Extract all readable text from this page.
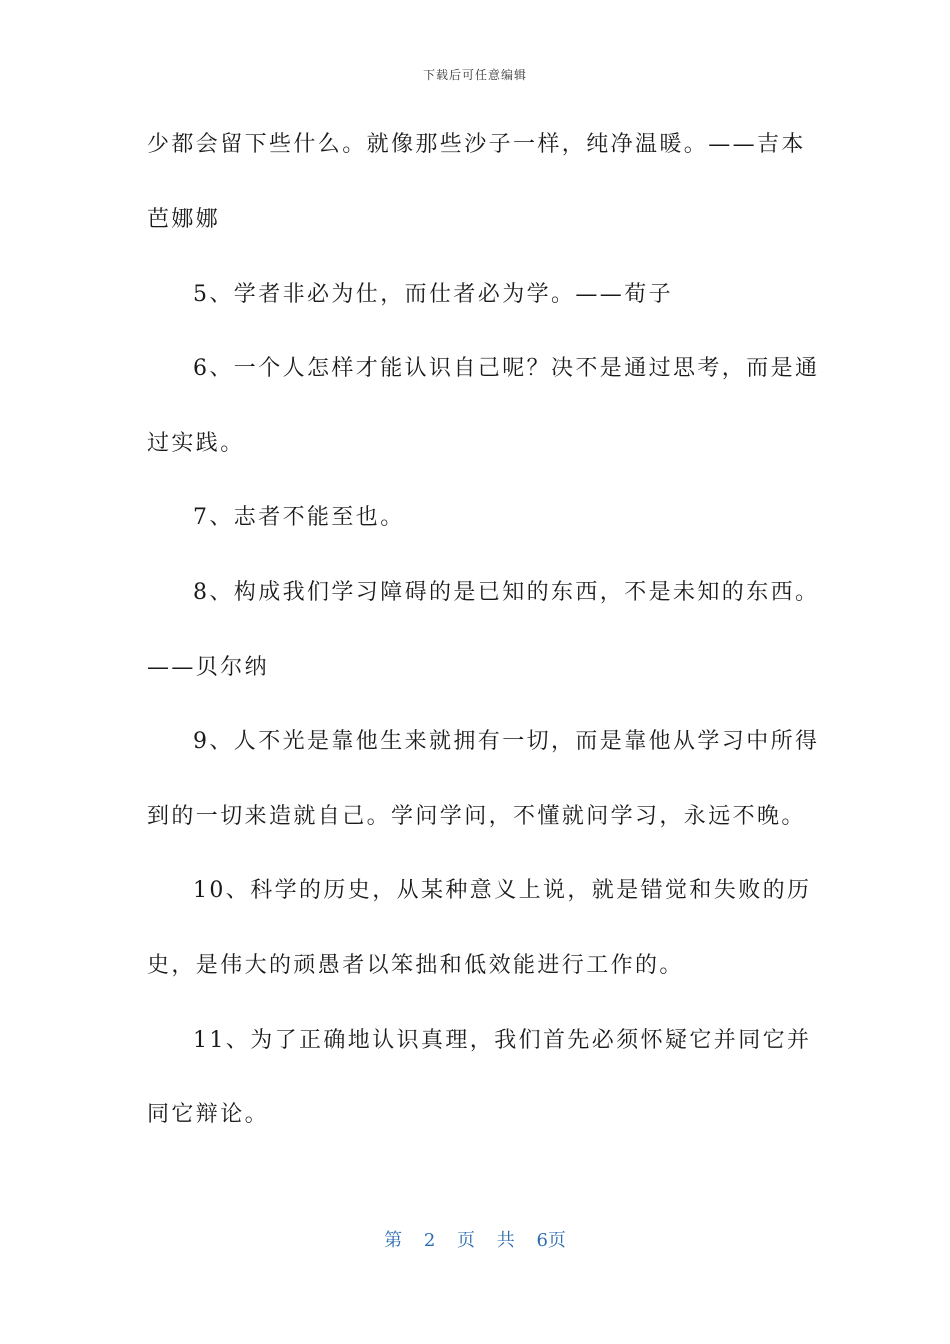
下载后可任意编辑
少都会留下些什么。就像那些沙子一样，纯净温暖。——吉本
芭娜娜
5、学者非必为仕，而仕者必为学。——荀子
6、一个人怎样才能认识自己呢？决不是通过思考，而是通
过实践。
7、志者不能至也。
8、构成我们学习障碍的是已知的东西，不是未知的东西。
——贝尔纳
9、人不光是靠他生来就拥有一切，而是靠他从学习中所得
到的一切来造就自己。学问学问，不懂就问学习，永远不晚。
10、科学的历史，从某种意义上说，就是错觉和失败的历
史，是伟大的顽愚者以笨拙和低效能进行工作的。
11、为了正确地认识真理，我们首先必须怀疑它并同它并
同它辩论。
第 2 页 共 6页
